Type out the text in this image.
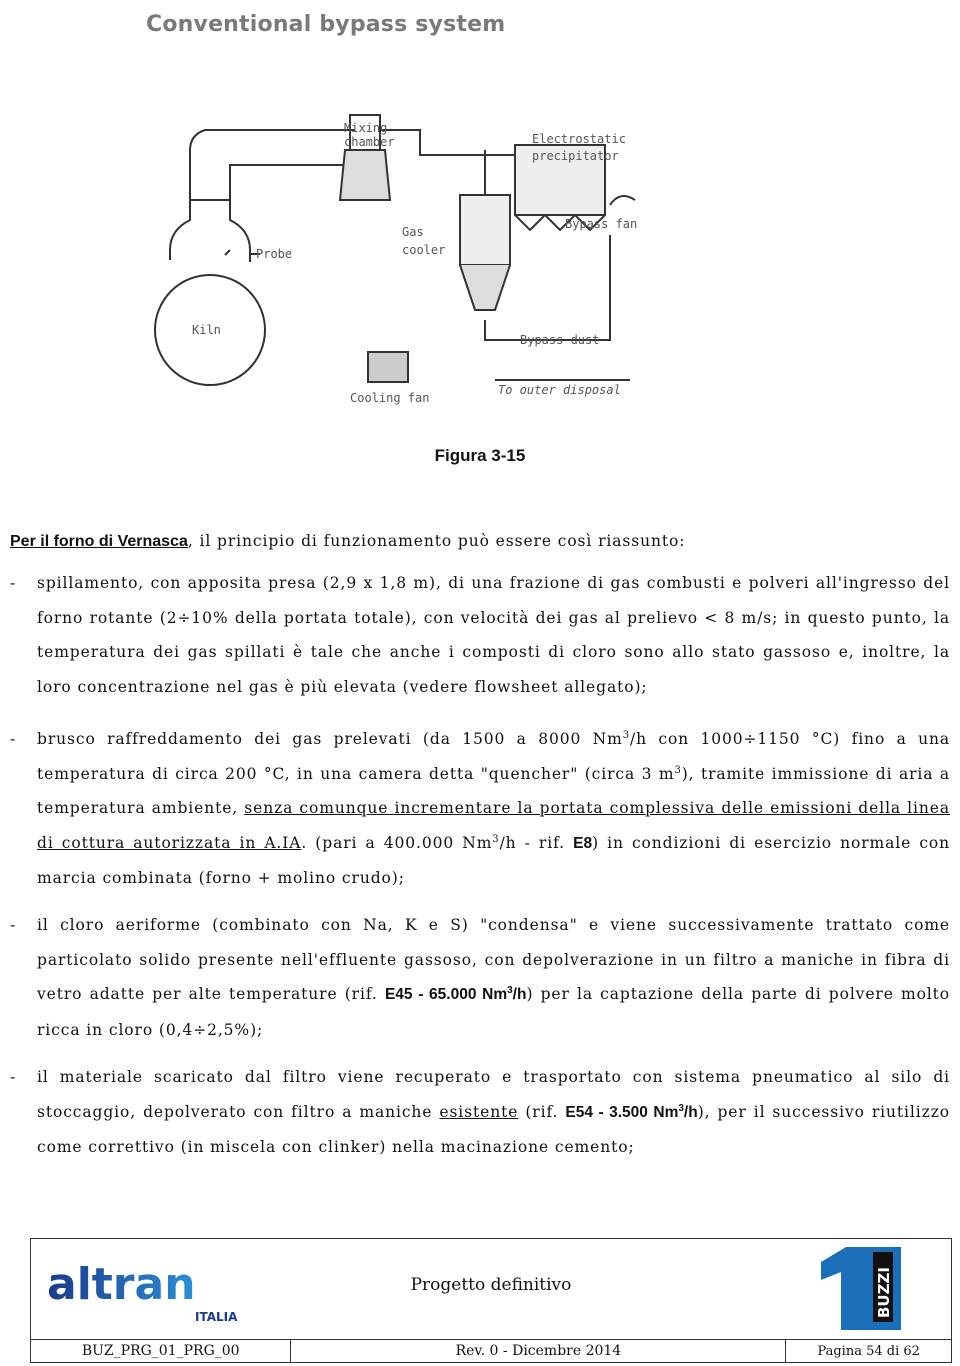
Conventional bypass system
Mixing
chamber	Electrostatic
precipitator
Gas
cooler
Bypass fan
Probe
Kiln
Bypass dust
Cooling fan
To outer disposal
Figura 3-15
Per il forno di Vernasca, il principio di funzionamento può essere così riassunto:
- spillamento, con apposita presa (2,9 x 1,8 m), di una frazione di gas combusti e polveri all'ingresso del forno rotante (2÷10% della portata totale), con velocità dei gas al prelievo < 8 m/s; in questo punto, la temperatura dei gas spillati è tale che anche i composti di cloro sono allo stato gassoso e, inoltre, la loro concentrazione nel gas è più elevata (vedere flowsheet allegato);
- brusco raffreddamento dei gas prelevati (da 1500 a 8000 Nm$^3$/h con 1000÷1150 °C) fino a una temperatura di circa 200 °C, in una camera detta "quencher" (circa 3 $m^3$), tramite immissione di aria a temperatura ambiente, senza comunque incrementare la portata complessiva delle emissioni della linea di cottura autorizzata in A.IA. (pari a 400.000 Nm$^3$/h - rif. E8) in condizioni di esercizio normale con marcia combinata (forno + molino crudo);
- il cloro aeriforme (combinato con Na, K e S) "condensa" e viene successivamente trattato come particolato solido presente nell'effluente gassoso, con depolverazione in un filtro a maniche in fibra di vetro adatte per alte temperature (rif. E45 - 65.000 Nm$^3$/h) per la captazione della parte di polvere molto ricca in cloro (0,4÷2,5%);
- il materiale scaricato dal filtro viene recuperato e trasportato con sistema pneumatico al silo di stoccaggio, depolverato con filtro a maniche esistente (rif. E54 - 3.500 Nm$^3$/h), per il successivo riutilizzo come correttivo (in miscela con clinker) nella macinazione cemento;
altran
ITALIA
Progetto definitivo	BUZZI
BUZ_PRG_01_PRG_00	Rev. 0 - Dicembre 2014	Pagina 54 di 62
